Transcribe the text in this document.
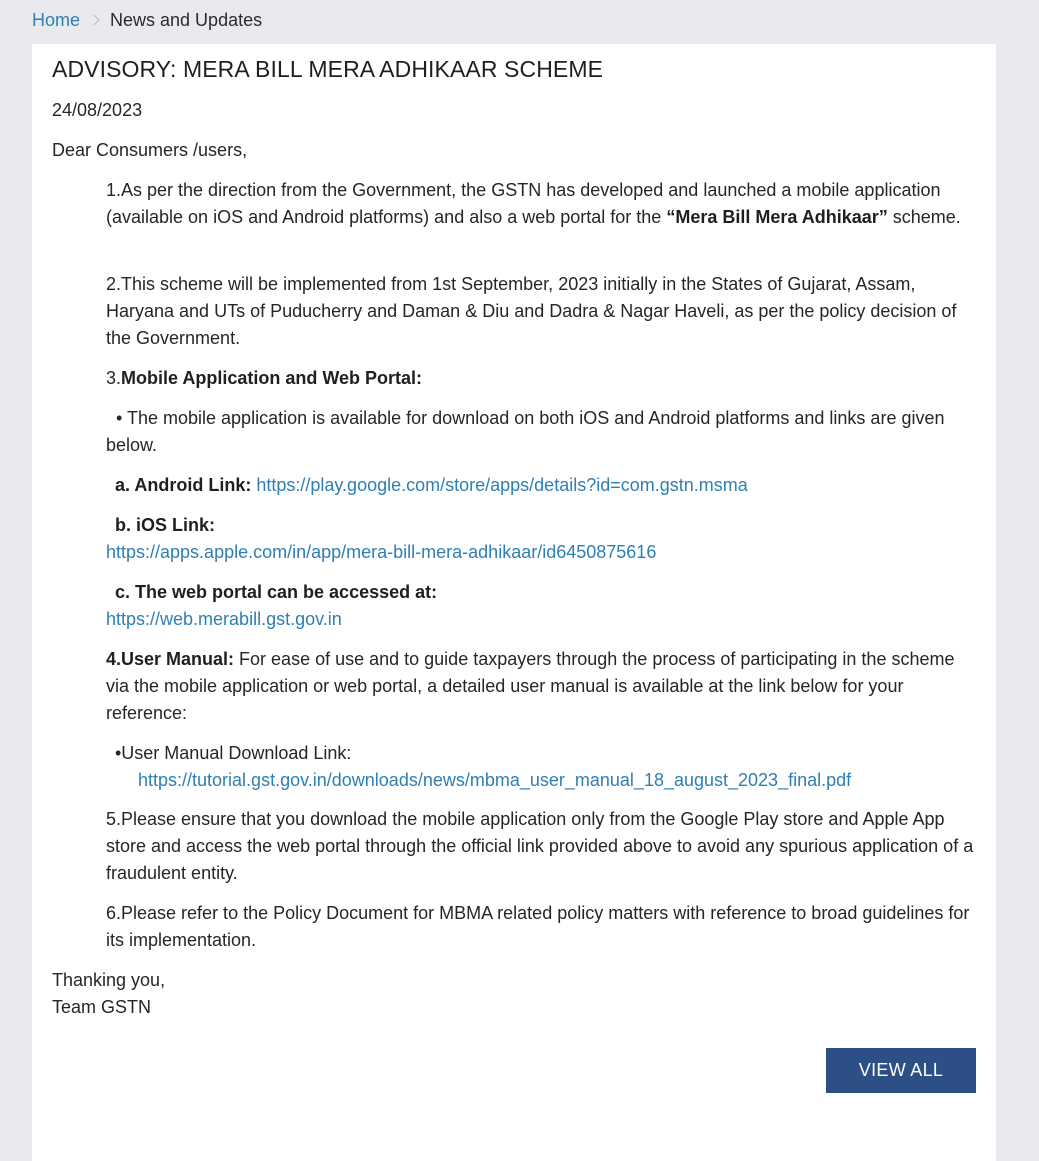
Home News and Updates
ADVISORY: MERA BILL MERA ADHIKAAR SCHEME
24/08/2023
Dear Consumers /users,
1.As per the direction from the Government, the GSTN has developed and launched a mobile application (available on iOS and Android platforms) and also a web portal for the “Mera Bill Mera Adhikaar” scheme.
2.This scheme will be implemented from 1st September, 2023 initially in the States of Gujarat, Assam, Haryana and UTs of Puducherry and Daman & Diu and Dadra & Nagar Haveli, as per the policy decision of the Government.
3.Mobile Application and Web Portal:
• The mobile application is available for download on both iOS and Android platforms and links are given below.
a. Android Link: https://play.google.com/store/apps/details?id=com.gstn.msma
b. iOS Link:
https://apps.apple.com/in/app/mera-bill-mera-adhikaar/id6450875616
c. The web portal can be accessed at:
https://web.merabill.gst.gov.in
4.User Manual: For ease of use and to guide taxpayers through the process of participating in the scheme via the mobile application or web portal, a detailed user manual is available at the link below for your reference:
•User Manual Download Link:
https://tutorial.gst.gov.in/downloads/news/mbma_user_manual_18_august_2023_final.pdf
5.Please ensure that you download the mobile application only from the Google Play store and Apple App store and access the web portal through the official link provided above to avoid any spurious application of a fraudulent entity.
6.Please refer to the Policy Document for MBMA related policy matters with reference to broad guidelines for its implementation.
Thanking you,
Team GSTN
VIEW ALL
